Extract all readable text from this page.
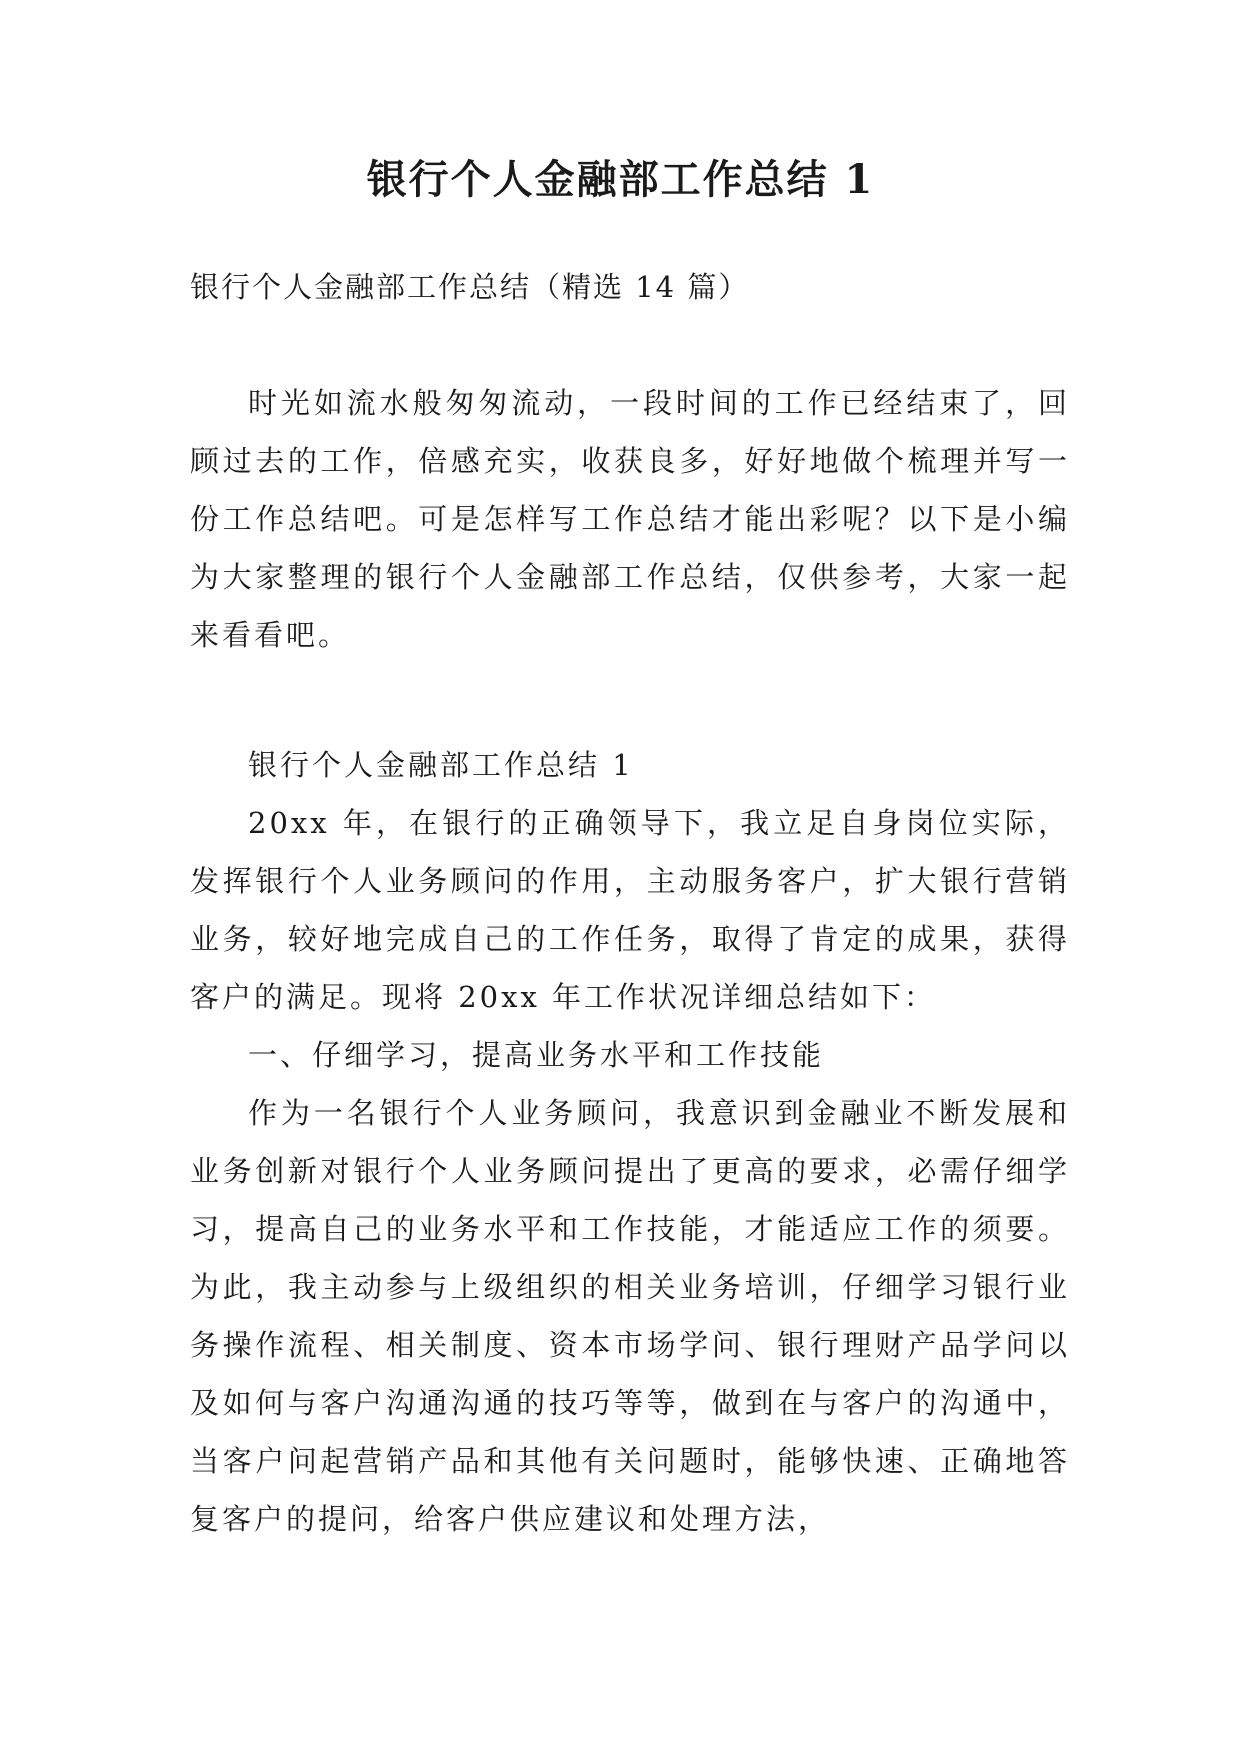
银行个人金融部工作总结 1

银行个人金融部工作总结（精选 14 篇）

时光如流水般匆匆流动，一段时间的工作已经结束了，回顾过去的工作，倍感充实，收获良多，好好地做个梳理并写一份工作总结吧。可是怎样写工作总结才能出彩呢？以下是小编为大家整理的银行个人金融部工作总结，仅供参考，大家一起来看看吧。

银行个人金融部工作总结 1

20xx 年，在银行的正确领导下，我立足自身岗位实际，发挥银行个人业务顾问的作用，主动服务客户，扩大银行营销业务，较好地完成自己的工作任务，取得了肯定的成果，获得客户的满足。现将 20xx 年工作状况详细总结如下：

一、仔细学习，提高业务水平和工作技能

作为一名银行个人业务顾问，我意识到金融业不断发展和业务创新对银行个人业务顾问提出了更高的要求，必需仔细学习，提高自己的业务水平和工作技能，才能适应工作的须要。为此，我主动参与上级组织的相关业务培训，仔细学习银行业务操作流程、相关制度、资本市场学问、银行理财产品学问以及如何与客户沟通沟通的技巧等等，做到在与客户的沟通中，当客户问起营销产品和其他有关问题时，能够快速、正确地答复客户的提问，给客户供应建议和处理方法，
